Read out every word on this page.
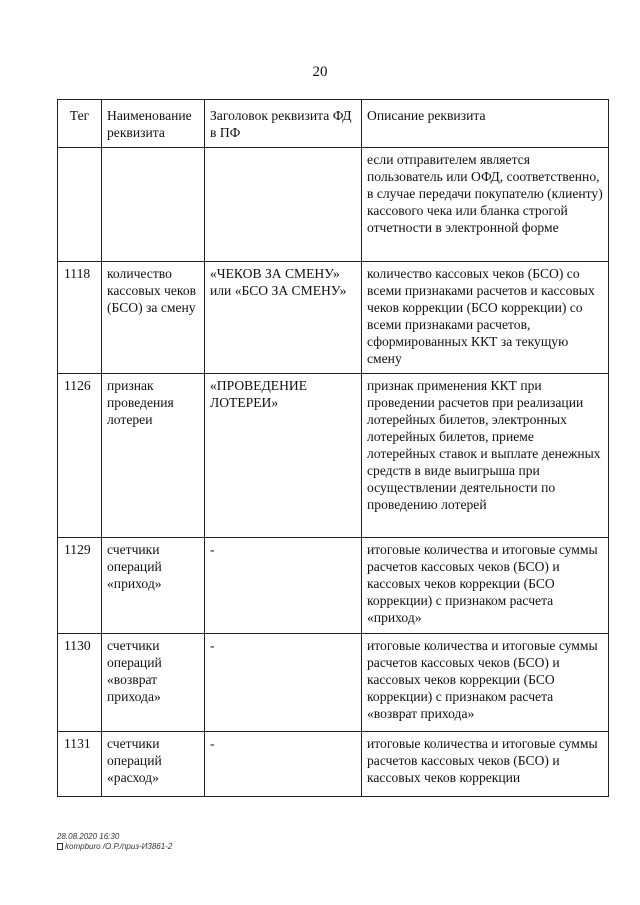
20
Тег	Наименование реквизита	Заголовок реквизита ФД в ПФ	Описание реквизита
			если отправителем является пользователь или ОФД, соответственно, в случае передачи покупателю (клиенту) кассового чека или бланка строгой отчетности в электронной форме
1118	количество кассовых чеков (БСО) за смену	«ЧЕКОВ ЗА СМЕНУ» или «БСО ЗА СМЕНУ»	количество кассовых чеков (БСО) со всеми признаками расчетов и кассовых чеков коррекции (БСО коррекции) со всеми признаками расчетов, сформированных ККТ за текущую смену
1126	признак проведения лотереи	«ПРОВЕДЕНИЕ ЛОТЕРЕИ»	признак применения ККТ при проведении расчетов при реализации лотерейных билетов, электронных лотерейных билетов, приеме лотерейных ставок и выплате денежных средств в виде выигрыша при осуществлении деятельности по проведению лотерей
1129	счетчики операций «приход»	-	итоговые количества и итоговые суммы расчетов кассовых чеков (БСО) и кассовых чеков коррекции (БСО коррекции) с признаком расчета «приход»
1130	счетчики операций «возврат прихода»	-	итоговые количества и итоговые суммы расчетов кассовых чеков (БСО) и кассовых чеков коррекции (БСО коррекции) с признаком расчета «возврат прихода»
1131	счетчики операций «расход»	-	итоговые количества и итоговые суммы расчетов кассовых чеков (БСО) и кассовых чеков коррекции
28.08.2020 16:30
kompburo /О.Р./приз-И3861-2
